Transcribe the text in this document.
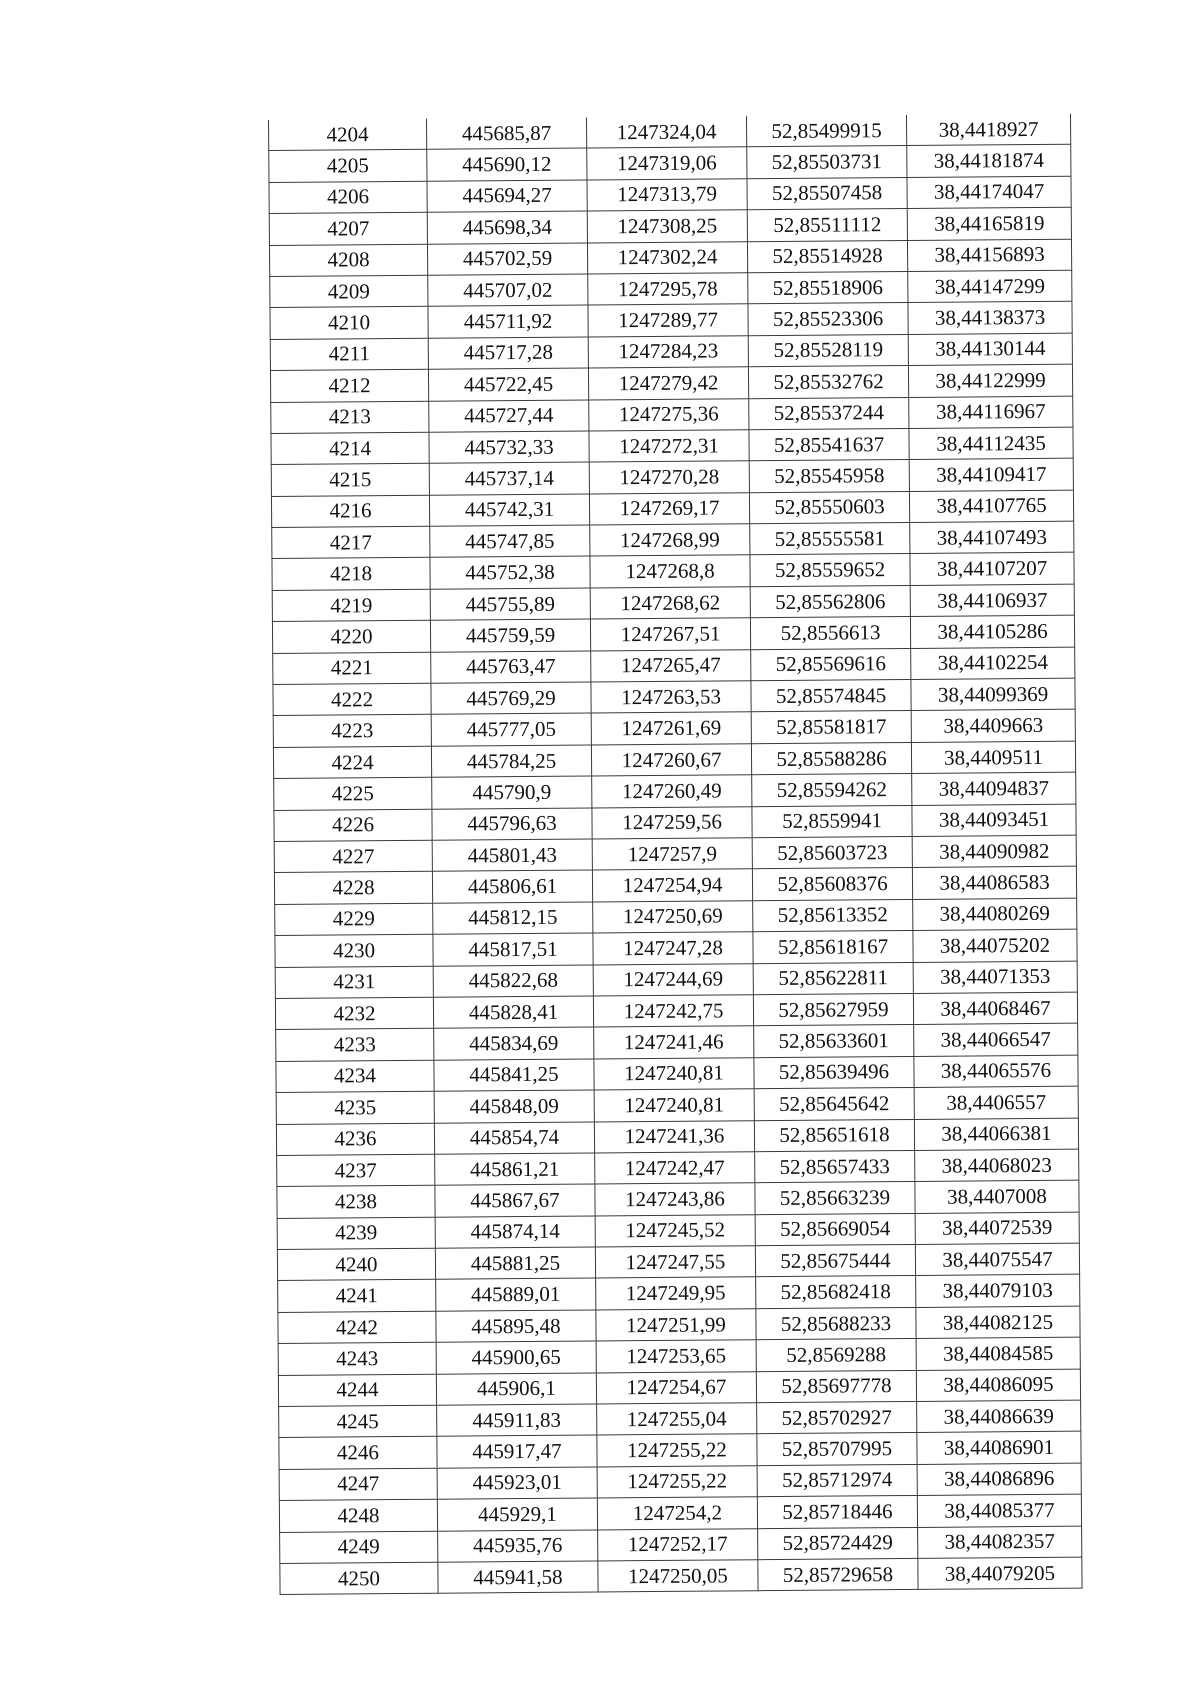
4204	445685,87	1247324,04	52,85499915	38,4418927
4205	445690,12	1247319,06	52,85503731	38,44181874
4206	445694,27	1247313,79	52,85507458	38,44174047
4207	445698,34	1247308,25	52,85511112	38,44165819
4208	445702,59	1247302,24	52,85514928	38,44156893
4209	445707,02	1247295,78	52,85518906	38,44147299
4210	445711,92	1247289,77	52,85523306	38,44138373
4211	445717,28	1247284,23	52,85528119	38,44130144
4212	445722,45	1247279,42	52,85532762	38,44122999
4213	445727,44	1247275,36	52,85537244	38,44116967
4214	445732,33	1247272,31	52,85541637	38,44112435
4215	445737,14	1247270,28	52,85545958	38,44109417
4216	445742,31	1247269,17	52,85550603	38,44107765
4217	445747,85	1247268,99	52,85555581	38,44107493
4218	445752,38	1247268,8	52,85559652	38,44107207
4219	445755,89	1247268,62	52,85562806	38,44106937
4220	445759,59	1247267,51	52,8556613	38,44105286
4221	445763,47	1247265,47	52,85569616	38,44102254
4222	445769,29	1247263,53	52,85574845	38,44099369
4223	445777,05	1247261,69	52,85581817	38,4409663
4224	445784,25	1247260,67	52,85588286	38,4409511
4225	445790,9	1247260,49	52,85594262	38,44094837
4226	445796,63	1247259,56	52,8559941	38,44093451
4227	445801,43	1247257,9	52,85603723	38,44090982
4228	445806,61	1247254,94	52,85608376	38,44086583
4229	445812,15	1247250,69	52,85613352	38,44080269
4230	445817,51	1247247,28	52,85618167	38,44075202
4231	445822,68	1247244,69	52,85622811	38,44071353
4232	445828,41	1247242,75	52,85627959	38,44068467
4233	445834,69	1247241,46	52,85633601	38,44066547
4234	445841,25	1247240,81	52,85639496	38,44065576
4235	445848,09	1247240,81	52,85645642	38,4406557
4236	445854,74	1247241,36	52,85651618	38,44066381
4237	445861,21	1247242,47	52,85657433	38,44068023
4238	445867,67	1247243,86	52,85663239	38,4407008
4239	445874,14	1247245,52	52,85669054	38,44072539
4240	445881,25	1247247,55	52,85675444	38,44075547
4241	445889,01	1247249,95	52,85682418	38,44079103
4242	445895,48	1247251,99	52,85688233	38,44082125
4243	445900,65	1247253,65	52,8569288	38,44084585
4244	445906,1	1247254,67	52,85697778	38,44086095
4245	445911,83	1247255,04	52,85702927	38,44086639
4246	445917,47	1247255,22	52,85707995	38,44086901
4247	445923,01	1247255,22	52,85712974	38,44086896
4248	445929,1	1247254,2	52,85718446	38,44085377
4249	445935,76	1247252,17	52,85724429	38,44082357
4250	445941,58	1247250,05	52,85729658	38,44079205
